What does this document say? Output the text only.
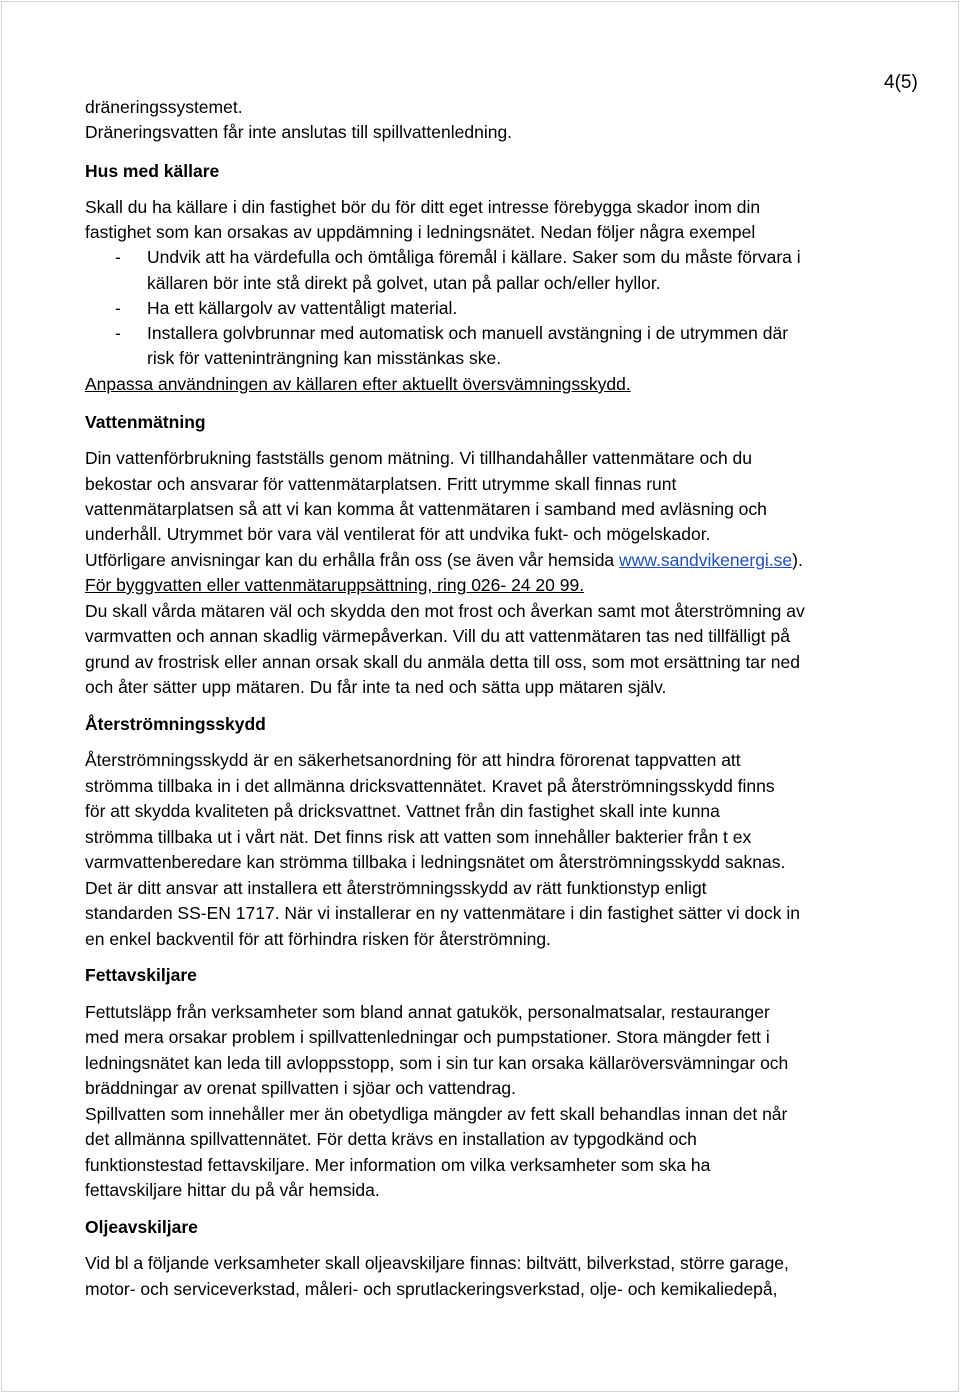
4(5)
dräneringssystemet.
Dräneringsvatten får inte anslutas till spillvattenledning.
Hus med källare
Skall du ha källare i din fastighet bör du för ditt eget intresse förebygga skador inom din
fastighet som kan orsakas av uppdämning i ledningsnätet. Nedan följer några exempel
- Undvik att ha värdefulla och ömtåliga föremål i källare. Saker som du måste förvara i
källaren bör inte stå direkt på golvet, utan på pallar och/eller hyllor.
- Ha ett källargolv av vattentåligt material.
- Installera golvbrunnar med automatisk och manuell avstängning i de utrymmen där
risk för vatteninträngning kan misstänkas ske.
Anpassa användningen av källaren efter aktuellt översvämningsskydd.
Vattenmätning
Din vattenförbrukning fastställs genom mätning. Vi tillhandahåller vattenmätare och du
bekostar och ansvarar för vattenmätarplatsen. Fritt utrymme skall finnas runt
vattenmätarplatsen så att vi kan komma åt vattenmätaren i samband med avläsning och
underhåll. Utrymmet bör vara väl ventilerat för att undvika fukt- och mögelskador.
Utförligare anvisningar kan du erhålla från oss (se även vår hemsida www.sandvikenergi.se).
För byggvatten eller vattenmätaruppsättning, ring 026- 24 20 99.
Du skall vårda mätaren väl och skydda den mot frost och åverkan samt mot återströmning av
varmvatten och annan skadlig värmepåverkan. Vill du att vattenmätaren tas ned tillfälligt på
grund av frostrisk eller annan orsak skall du anmäla detta till oss, som mot ersättning tar ned
och åter sätter upp mätaren. Du får inte ta ned och sätta upp mätaren själv.
Återströmningsskydd
Återströmningsskydd är en säkerhetsanordning för att hindra förorenat tappvatten att
strömma tillbaka in i det allmänna dricksvattennätet. Kravet på återströmningsskydd finns
för att skydda kvaliteten på dricksvattnet. Vattnet från din fastighet skall inte kunna
strömma tillbaka ut i vårt nät. Det finns risk att vatten som innehåller bakterier från t ex
varmvattenberedare kan strömma tillbaka i ledningsnätet om återströmningsskydd saknas.
Det är ditt ansvar att installera ett återströmningsskydd av rätt funktionstyp enligt
standarden SS-EN 1717. När vi installerar en ny vattenmätare i din fastighet sätter vi dock in
en enkel backventil för att förhindra risken för återströmning.
Fettavskiljare
Fettutsläpp från verksamheter som bland annat gatukök, personalmatsalar, restauranger
med mera orsakar problem i spillvattenledningar och pumpstationer. Stora mängder fett i
ledningsnätet kan leda till avloppsstopp, som i sin tur kan orsaka källaröversvämningar och
bräddningar av orenat spillvatten i sjöar och vattendrag.
Spillvatten som innehåller mer än obetydliga mängder av fett skall behandlas innan det når
det allmänna spillvattennätet. För detta krävs en installation av typgodkänd och
funktionstestad fettavskiljare. Mer information om vilka verksamheter som ska ha
fettavskiljare hittar du på vår hemsida.
Oljeavskiljare
Vid bl a följande verksamheter skall oljeavskiljare finnas: biltvätt, bilverkstad, större garage,
motor- och serviceverkstad, måleri- och sprutlackeringsverkstad, olje- och kemikaliedepå,
